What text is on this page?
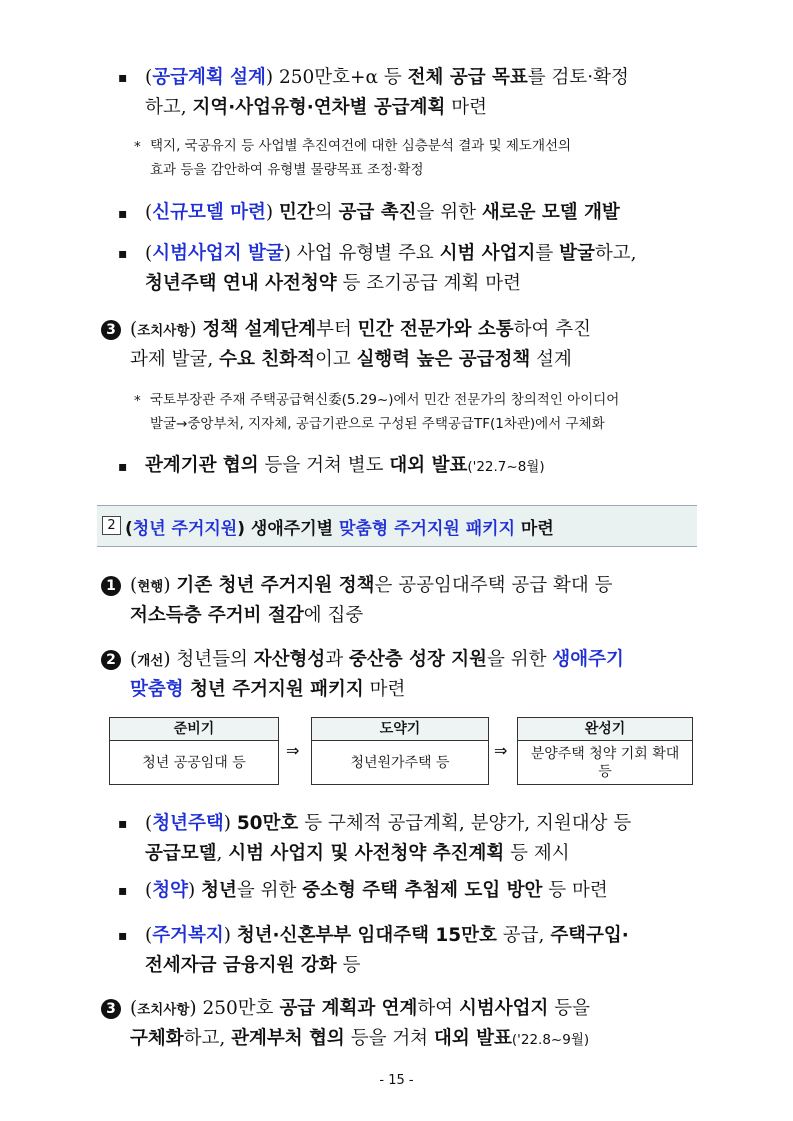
▪ (공급계획 설계) 250만호+α 등 전체 공급 목표를 검토·확정
하고, 지역·사업유형·연차별 공급계획 마련
* 택지, 국공유지 등 사업별 추진여건에 대한 심층분석 결과 및 제도개선의
효과 등을 감안하여 유형별 물량목표 조정·확정
▪ (신규모델 마련) 민간의 공급 촉진을 위한 새로운 모델 개발
▪ (시범사업지 발굴) 사업 유형별 주요 시범 사업지를 발굴하고,
청년주택 연내 사전청약 등 조기공급 계획 마련
3 (조치사항) 정책 설계단계부터 민간 전문가와 소통하여 추진
과제 발굴, 수요 친화적이고 실행력 높은 공급정책 설계
* 국토부장관 주재 주택공급혁신委(5.29~)에서 민간 전문가의 창의적인 아이디어
발굴→중앙부처, 지자체, 공급기관으로 구성된 주택공급TF(1차관)에서 구체화
▪ 관계기관 협의 등을 거쳐 별도 대외 발표('22.7~8월)
2 (청년 주거지원) 생애주기별 맞춤형 주거지원 패키지 마련
1 (현행) 기존 청년 주거지원 정책은 공공임대주택 공급 확대 등
저소득층 주거비 절감에 집중
2 (개선) 청년들의 자산형성과 중산층 성장 지원을 위한 생애주기
맞춤형 청년 주거지원 패키지 마련
준비기
청년 공공임대 등
⇒
도약기
청년원가주택 등
⇒
완성기
분양주택 청약 기회 확대 등
▪ (청년주택) 50만호 등 구체적 공급계획, 분양가, 지원대상 등
공급모델, 시범 사업지 및 사전청약 추진계획 등 제시
▪ (청약) 청년을 위한 중소형 주택 추첨제 도입 방안 등 마련
▪ (주거복지) 청년·신혼부부 임대주택 15만호 공급, 주택구입·
전세자금 금융지원 강화 등
3 (조치사항) 250만호 공급 계획과 연계하여 시범사업지 등을
구체화하고, 관계부처 협의 등을 거쳐 대외 발표('22.8~9월)
- 15 -
